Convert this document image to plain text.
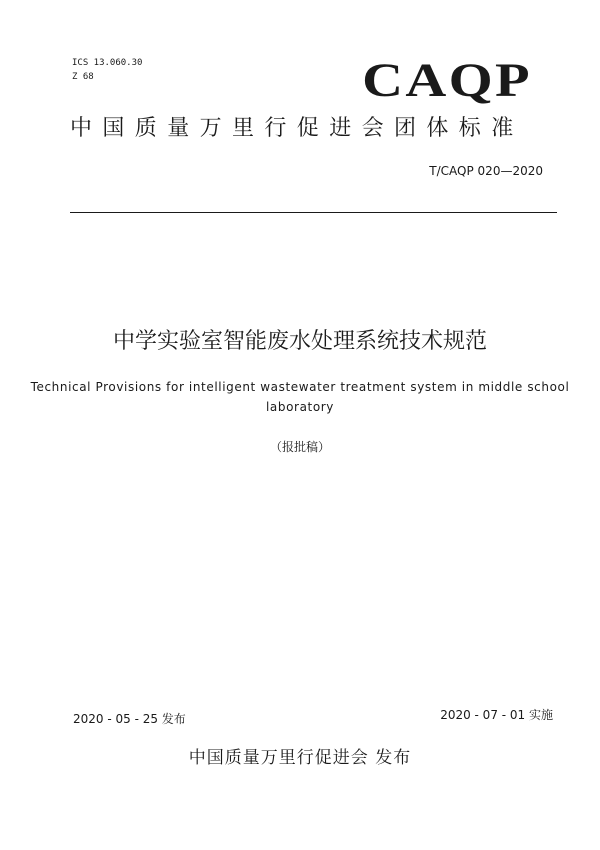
ICS 13.060.30
Z 68	CAQP
中国质量万里行促进会团体标准
T/CAQP 020—2020
中学实验室智能废水处理系统技术规范
Technical Provisions for intelligent wastewater treatment system in middle school laboratory
（报批稿）
2020 - 05 - 25 发布	2020 - 07 - 01 实施
中国质量万里行促进会 发布
